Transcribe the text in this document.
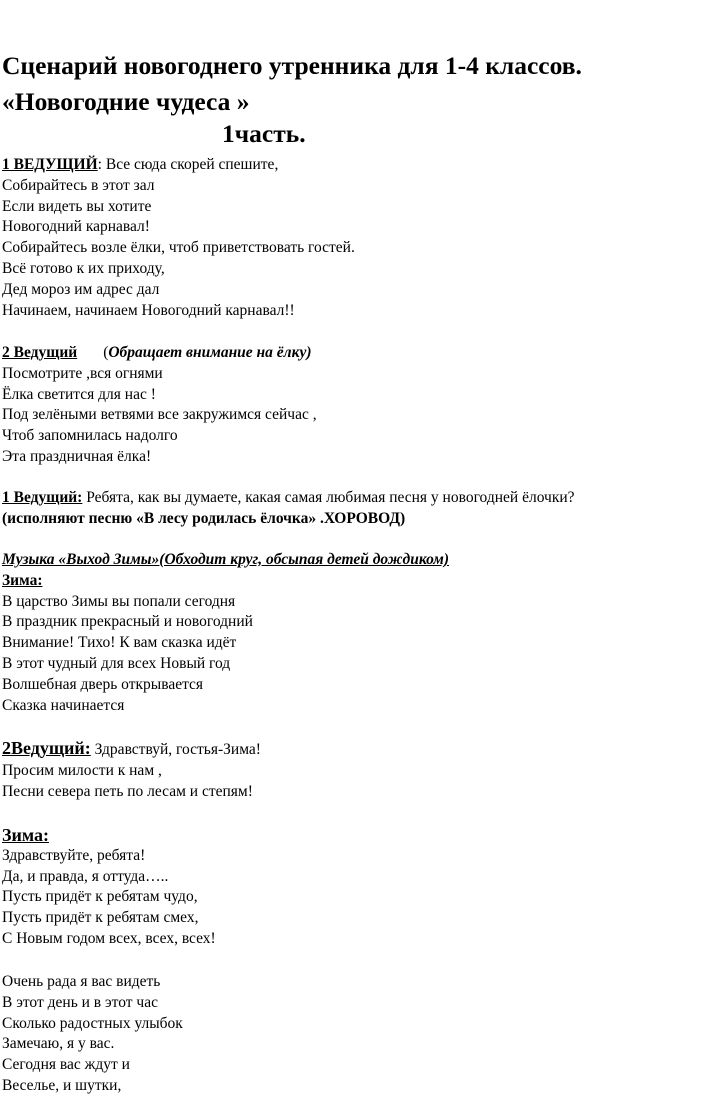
Сценарий новогоднего утренника для 1-4 классов.
«Новогодние чудеса »
1часть.
1 ВЕДУЩИЙ: Все сюда скорей спешите,
Собирайтесь в этот зал
Если видеть вы хотите
Новогодний карнавал!
Собирайтесь возле ёлки, чтоб приветствовать гостей.
Всё готово к их приходу,
Дед мороз им адрес дал
Начинаем, начинаем Новогодний карнавал!!
2 Ведущий (Обращает внимание на ёлку)
Посмотрите ,вся огнями
Ёлка светится для нас !
Под зелёными ветвями все закружимся сейчас ,
Чтоб запомнилась надолго
Эта праздничная ёлка!
1 Ведущий: Ребята, как вы думаете, какая самая любимая песня у новогодней ёлочки?
(исполняют песню «В лесу родилась ёлочка» .ХОРОВОД)
Музыка «Выход Зимы»(Обходит круг, обсыпая детей дождиком)
Зима:
В царство Зимы вы попали сегодня
В праздник прекрасный и новогодний
Внимание! Тихо! К вам сказка идёт
В этот чудный для всех Новый год
Волшебная дверь открывается
Сказка начинается
2Ведущий: Здравствуй, гостья-Зима!
Просим милости к нам ,
Песни севера петь по лесам и степям!
Зима:
Здравствуйте, ребята!
Да, и правда, я оттуда…..
Пусть придёт к ребятам чудо,
Пусть придёт к ребятам смех,
С Новым годом всех, всех, всех!
Очень рада я вас видеть
В этот день и в этот час
Сколько радостных улыбок
Замечаю, я у вас.
Сегодня вас ждут и
Веселье, и шутки,
